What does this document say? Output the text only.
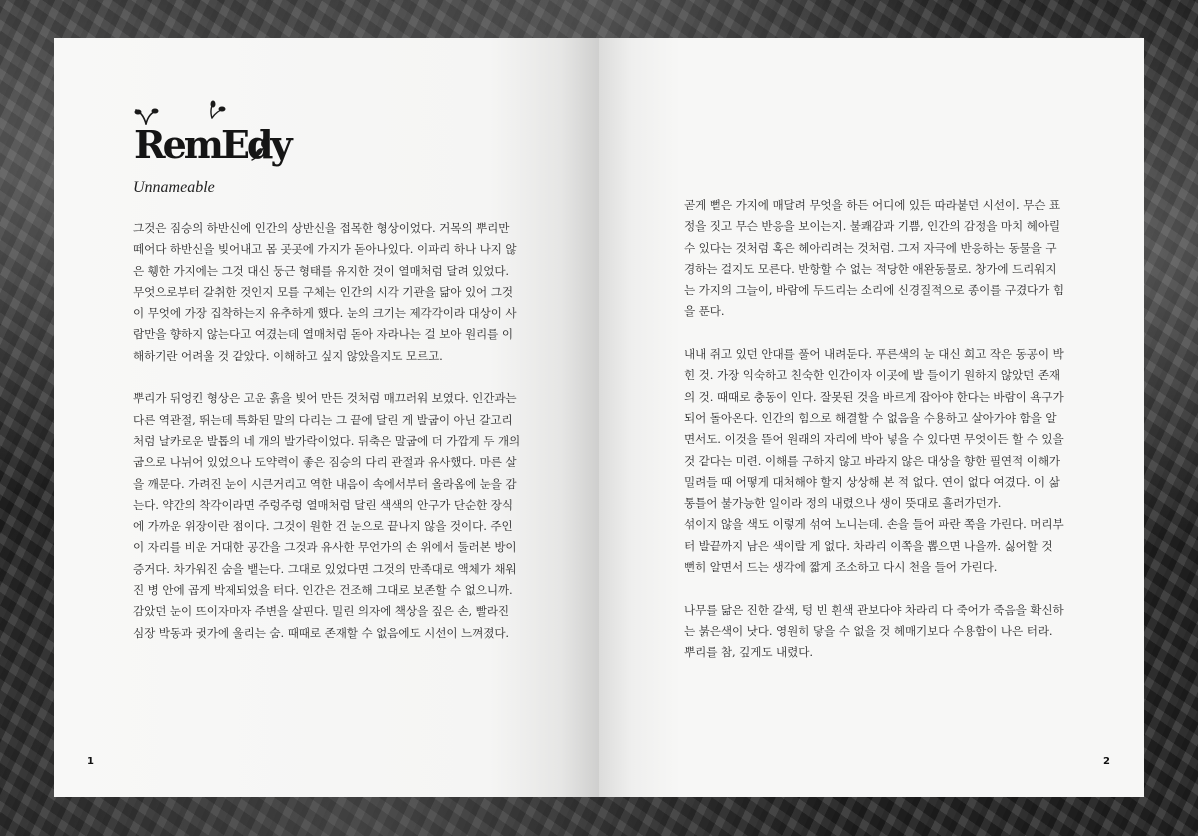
RemEdy
Unnameable

그것은 짐승의 하반신에 인간의 상반신을 접목한 형상이었다. 거목의 뿌리만 떼어다 하반신을 빚어내고 몸 곳곳에 가지가 돋아나있다. 이파리 하나 나지 않은 휑한 가지에는 그것 대신 둥근 형태를 유지한 것이 열매처럼 달려 있었다. 무엇으로부터 갈취한 것인지 모를 구체는 인간의 시각 기관을 닮아 있어 그것이 무엇에 가장 집착하는지 유추하게 했다. 눈의 크기는 제각각이라 대상이 사람만을 향하지 않는다고 여겼는데 열매처럼 돋아 자라나는 걸 보아 원리를 이해하기란 어려울 것 같았다. 이해하고 싶지 않았을지도 모르고.

뿌리가 뒤엉킨 형상은 고운 흙을 빚어 만든 것처럼 매끄러워 보였다. 인간과는 다른 역관절, 뛰는데 특화된 말의 다리는 그 끝에 달린 게 발굽이 아닌 갈고리처럼 날카로운 발톱의 네 개의 발가락이었다. 뒤축은 말굽에 더 가깝게 두 개의 굽으로 나뉘어 있었으나 도약력이 좋은 짐승의 다리 관절과 유사했다. 마른 살을 깨문다. 가려진 눈이 시큰거리고 역한 내음이 속에서부터 올라옴에 눈을 감는다. 약간의 착각이라면 주렁주렁 열매처럼 달린 색색의 안구가 단순한 장식에 가까운 위장이란 점이다. 그것이 원한 건 눈으로 끝나지 않을 것이다. 주인이 자리를 비운 거대한 공간을 그것과 유사한 무언가의 손 위에서 둘러본 방이 증거다. 차가워진 숨을 뱉는다. 그대로 있었다면 그것의 만족대로 액체가 채워진 병 안에 곱게 박제되었을 터다. 인간은 건조해 그대로 보존할 수 없으니까. 감았던 눈이 뜨이자마자 주변을 살핀다. 밀린 의자에 책상을 짚은 손, 빨라진 심장 박동과 귓가에 울리는 숨. 때때로 존재할 수 없음에도 시선이 느껴졌다.

1

곧게 뻗은 가지에 매달려 무엇을 하든 어디에 있든 따라붙던 시선이. 무슨 표정을 짓고 무슨 반응을 보이는지. 불쾌감과 기쁨, 인간의 감정을 마치 헤아릴 수 있다는 것처럼 혹은 헤아리려는 것처럼. 그저 자극에 반응하는 동물을 구경하는 걸지도 모른다. 반항할 수 없는 적당한 애완동물로. 창가에 드리워지는 가지의 그늘이, 바람에 두드리는 소리에 신경질적으로 종이를 구겼다가 힘을 푼다.

내내 쥐고 있던 안대를 풀어 내려둔다. 푸른색의 눈 대신 희고 작은 동공이 박힌 것. 가장 익숙하고 친숙한 인간이자 이곳에 발 들이기 원하지 않았던 존재의 것. 때때로 충동이 인다. 잘못된 것을 바르게 잡아야 한다는 바람이 욕구가 되어 돌아온다. 인간의 힘으로 해결할 수 없음을 수용하고 살아가야 함을 알면서도. 이것을 뜯어 원래의 자리에 박아 넣을 수 있다면 무엇이든 할 수 있을 것 같다는 미련. 이해를 구하지 않고 바라지 않은 대상을 향한 필연적 이해가 밀려들 때 어떻게 대처해야 할지 상상해 본 적 없다. 연이 없다 여겼다. 이 삶 통틀어 불가능한 일이라 정의 내렸으나 생이 뜻대로 흘러가던가.

섞이지 않을 색도 이렇게 섞여 노니는데. 손을 들어 파란 쪽을 가린다. 머리부터 발끝까지 남은 색이랄 게 없다. 차라리 이쪽을 뽑으면 나을까. 싫어할 것 뻔히 알면서 드는 생각에 짧게 조소하고 다시 천을 들어 가린다.

나무를 닮은 진한 갈색, 텅 빈 흰색 관보다야 차라리 다 죽어가 죽음을 확신하는 붉은색이 낫다. 영원히 닿을 수 없을 것 헤매기보다 수용함이 나은 터라. 뿌리를 참, 깊게도 내렸다.

2
